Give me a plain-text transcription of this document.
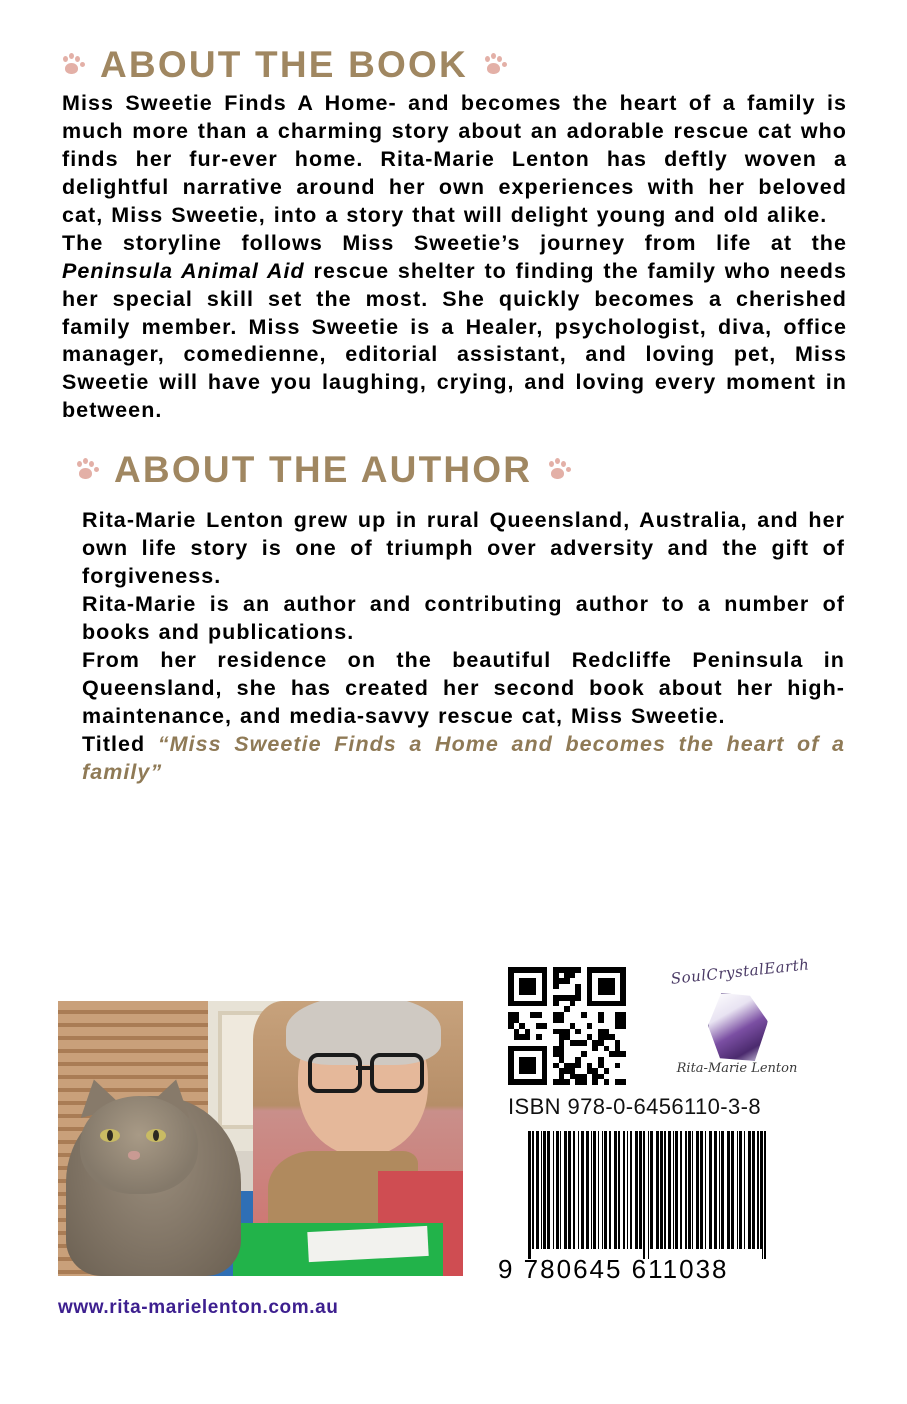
ABOUT THE BOOK

Miss Sweetie Finds A Home- and becomes the heart of a family is much more than a charming story about an adorable rescue cat who finds her fur-ever home. Rita-Marie Lenton has deftly woven a delightful narrative around her own experiences with her beloved cat, Miss Sweetie, into a story that will delight young and old alike.

The storyline follows Miss Sweetie’s journey from life at the Peninsula Animal Aid rescue shelter to finding the family who needs her special skill set the most. She quickly becomes a cherished family member. Miss Sweetie is a Healer, psychologist, diva, office manager, comedienne, editorial assistant, and loving pet, Miss Sweetie will have you laughing, crying, and loving every moment in between.

ABOUT THE AUTHOR

Rita-Marie Lenton grew up in rural Queensland, Australia, and her own life story is one of triumph over adversity and the gift of forgiveness.

Rita-Marie is an author and contributing author to a number of books and publications.

From her residence on the beautiful Redcliffe Peninsula in Queensland, she has created her second book about her high-maintenance, and media-savvy rescue cat, Miss Sweetie.

Titled “Miss Sweetie Finds a Home and becomes the heart of a family”

www.rita-marielenton.com.au
SoulCrystalEarth
Rita-Marie Lenton
ISBN 978-0-6456110-3-8
9 780645 611038
